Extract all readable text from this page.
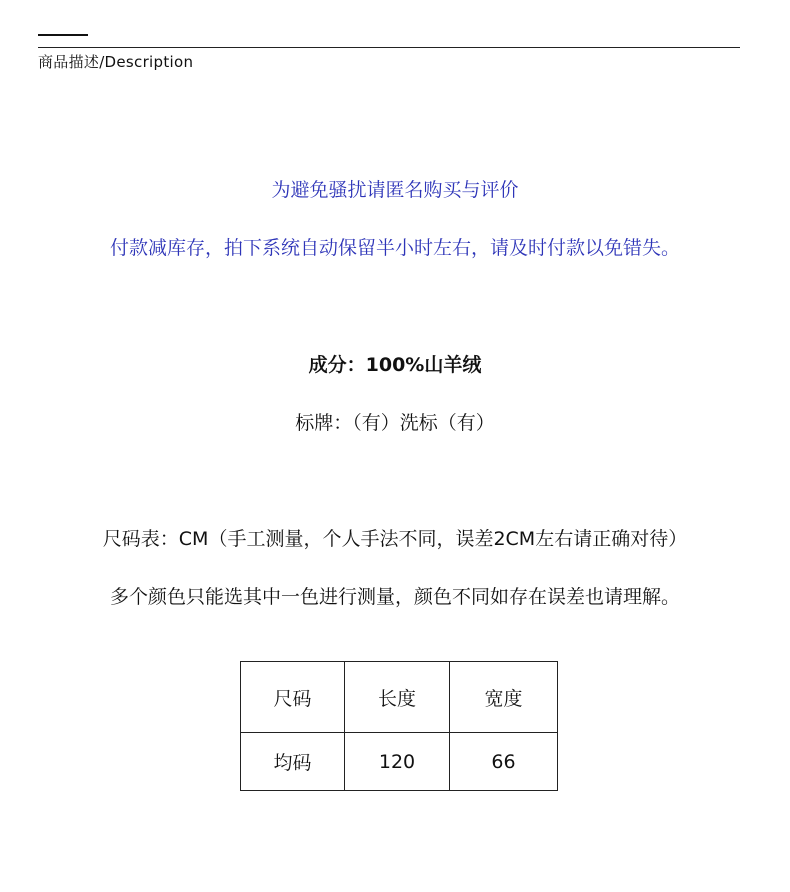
商品描述/Description
为避免骚扰请匿名购买与评价
付款减库存，拍下系统自动保留半小时左右，请及时付款以免错失。
成分：100%山羊绒
标牌：（有）洗标（有）
尺码表：CM（手工测量，个人手法不同，误差2CM左右请正确对待）
多个颜色只能选其中一色进行测量，颜色不同如存在误差也请理解。
尺码	长度	宽度
均码	120	66
